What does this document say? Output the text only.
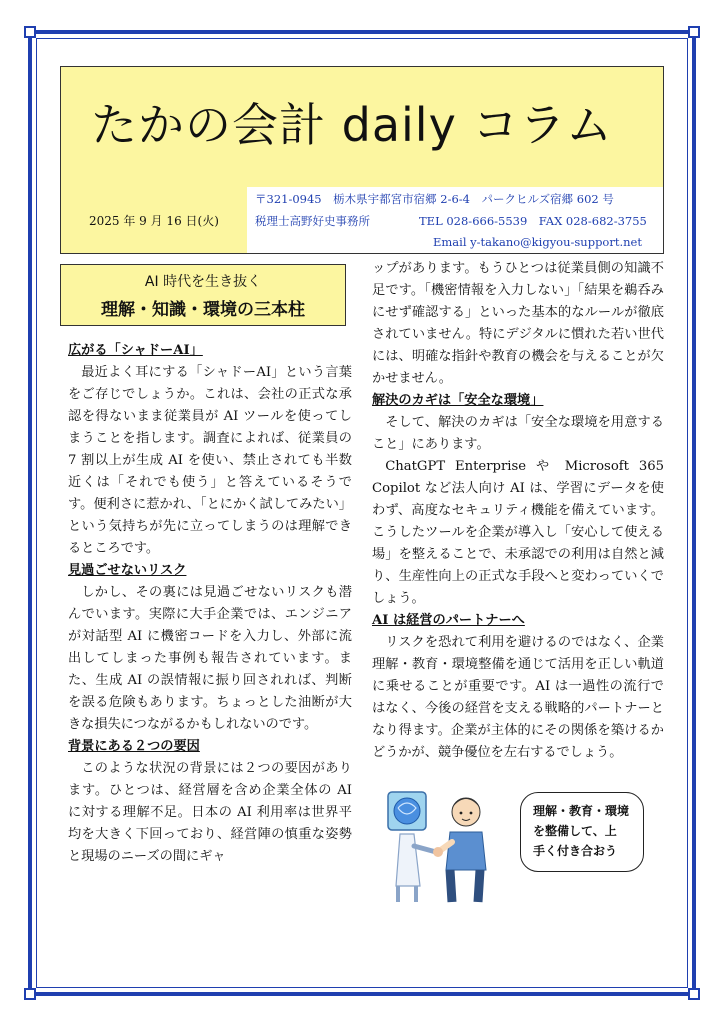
たかの会計 daily コラム
2025 年 9 月 16 日(火)
〒321-0945　栃木県宇都宮市宿郷 2-6-4　パークヒルズ宿郷 602 号
税理士高野好史事務所	TEL 028-666-5539　FAX 028-682-3755
Email y-takano@kigyou-support.net
AI 時代を生き抜く
理解・知識・環境の三本柱
広がる「シャドーAI」

最近よく耳にする「シャドーAI」という言葉をご存じでしょうか。これは、会社の正式な承認を得ないまま従業員が AI ツールを使ってしまうことを指します。調査によれば、従業員の 7 割以上が生成 AI を使い、禁止されても半数近くは「それでも使う」と答えているそうです。便利さに惹かれ、「とにかく試してみたい」という気持ちが先に立ってしまうのは理解できるところです。

見過ごせないリスク

しかし、その裏には見過ごせないリスクも潜んでいます。実際に大手企業では、エンジニアが対話型 AI に機密コードを入力し、外部に流出してしまった事例も報告されています。また、生成 AI の誤情報に振り回されれば、判断を誤る危険もあります。ちょっとした油断が大きな損失につながるかもしれないのです。

背景にある２つの要因

このような状況の背景には２つの要因があります。ひとつは、経営層を含め企業全体の AI に対する理解不足。日本の AI 利用率は世界平均を大きく下回っており、経営陣の慎重な姿勢と現場のニーズの間にギャ

ップがあります。もうひとつは従業員側の知識不足です。「機密情報を入力しない」「結果を鵜呑みにせず確認する」といった基本的なルールが徹底されていません。特にデジタルに慣れた若い世代には、明確な指針や教育の機会を与えることが欠かせません。

解決のカギは「安全な環境」

そして、解決のカギは「安全な環境を用意すること」にあります。

ChatGPT Enterprise や Microsoft 365 Copilot など法人向け AI は、学習にデータを使わず、高度なセキュリティ機能を備えています。こうしたツールを企業が導入し「安心して使える場」を整えることで、未承認での利用は自然と減り、生産性向上の正式な手段へと変わっていくでしょう。

AI は経営のパートナーへ

リスクを恐れて利用を避けるのではなく、企業理解・教育・環境整備を通じて活用を正しい軌道に乗せることが重要です。AI は一過性の流行ではなく、今後の経営を支える戦略的パートナーとなり得ます。企業が主体的にその関係を築けるかどうかが、競争優位を左右するでしょう。

理解・教育・環境
を整備して、上
手く付き合おう
